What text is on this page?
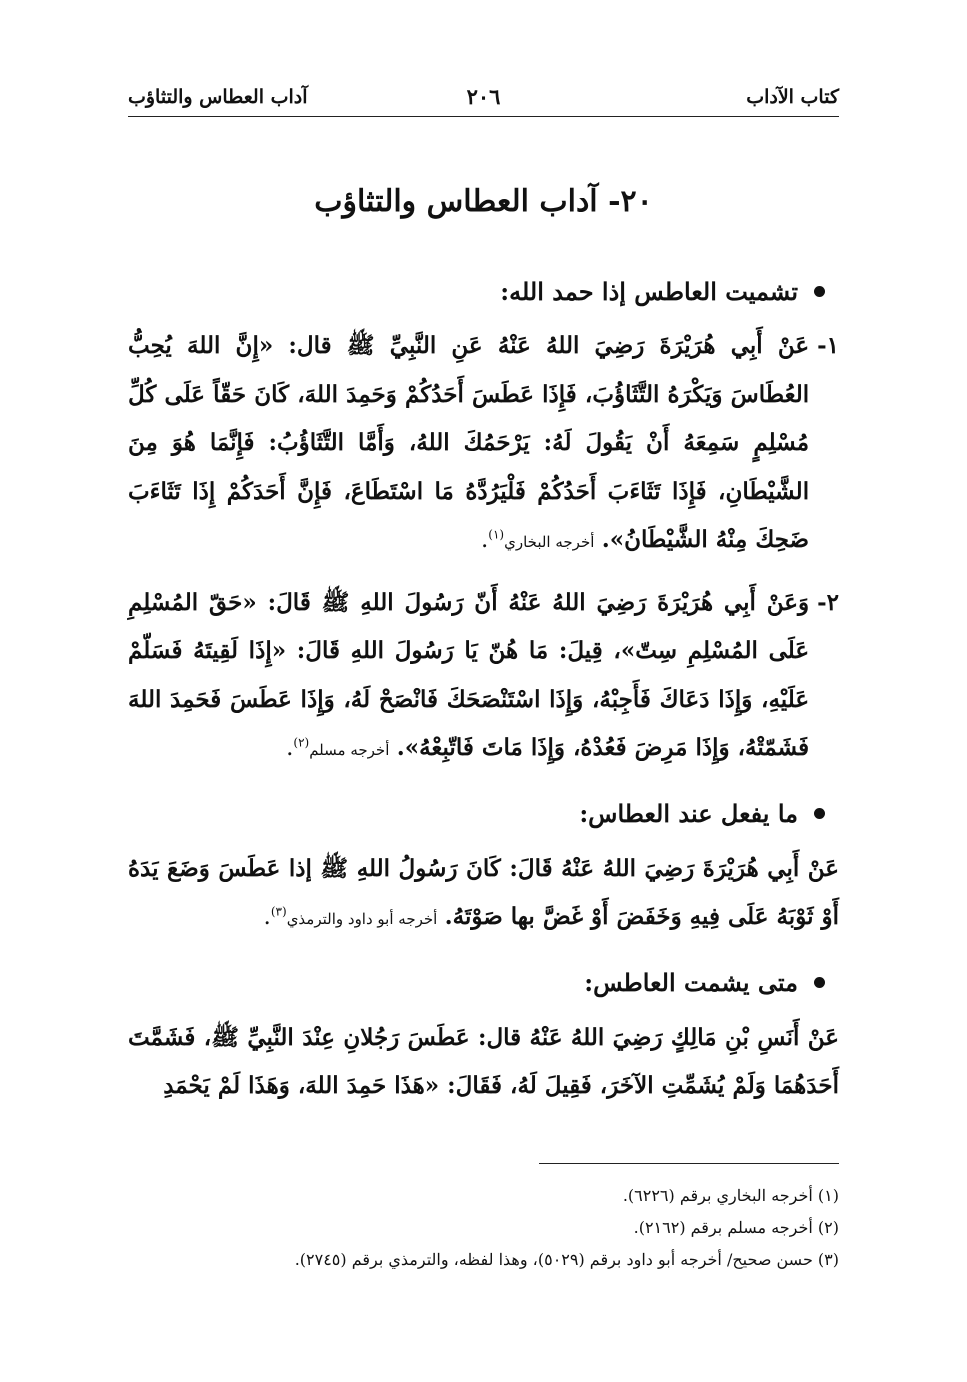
كتاب الآداب
٢٠٦
آداب العطاس والتثاؤب
٢٠- آداب العطاس والتثاؤب
تشميت العاطس إذا حمد الله:
١-
عَنْ أَبِي هُرَيْرَةَ رَضِيَ اللهُ عَنْهُ عَنِ النَّبِيِّ ﷺ قال: «إِنَّ اللهَ يُحِبُّ العُطَاسَ وَيَكْرَهُ التَّثَاؤُبَ، فَإِذَا عَطَسَ أَحَدُكُمْ وَحَمِدَ اللهَ، كَانَ حَقّاً عَلَى كُلِّ مُسْلِمٍ سَمِعَهُ أَنْ يَقُولَ لَهُ: يَرْحَمُكَ اللهُ، وَأَمَّا التَّثَاؤُبُ: فَإِنَّمَا هُوَ مِنَ الشَّيْطَانِ، فَإِذَا تَثَاءَبَ أَحَدُكُمْ فَلْيَرُدَّهُ مَا اسْتَطَاعَ، فَإِنَّ أَحَدَكُمْ إِذَا تَثَاءَبَ ضَحِكَ مِنْهُ الشَّيْطَانُ». أخرجه البخاري$^{(١)}$.
٢-
وَعَنْ أَبِي هُرَيْرَةَ رَضِيَ اللهُ عَنْهُ أَنّ رَسُولَ اللهِ ﷺ قَالَ: «حَقّ المُسْلِمِ عَلَى المُسْلِمِ سِتّ»، قِيلَ: مَا هُنّ يَا رَسُولَ اللهِ قَالَ: «إِذَا لَقِيتَهُ فَسَلّمْ عَلَيْهِ، وَإِذَا دَعَاكَ فَأَجِبْهُ، وَإِذَا اسْتَنْصَحَكَ فَانْصَحْ لَهُ، وَإِذَا عَطَسَ فَحَمِدَ اللهَ فَشَمّتْهُ، وَإِذَا مَرِضَ فَعُدْهُ، وَإِذَا مَاتَ فَاتّبِعْهُ». أخرجه مسلم$^{(٢)}$.
ما يفعل عند العطاس:
عَنْ أَبِي هُرَيْرَةَ رَضِيَ اللهُ عَنْهُ قَالَ: كَانَ رَسُولُ اللهِ ﷺ إذا عَطَسَ وَضَعَ يَدَهُ أَوْ ثَوْبَهُ عَلَى فِيهِ وَخَفَضَ أَوْ غَضَّ بها صَوْتَهُ. أخرجه أبو داود والترمذي$^{(٣)}$.
متى يشمت العاطس:
عَنْ أَنَسِ بْنِ مَالِكٍ رَضِيَ اللهُ عَنْهُ قال: عَطَسَ رَجُلانِ عِنْدَ النَّبِيِّ ﷺ، فَشَمَّتَ أَحَدَهُمَا وَلَمْ يُشَمِّتِ الآخَرَ، فَقِيلَ لَهُ، فَقَالَ: «هَذَا حَمِدَ اللهَ، وَهَذَا لَمْ يَحْمَدِ
(١) أخرجه البخاري برقم (٦٢٢٦).
(٢) أخرجه مسلم برقم (٢١٦٢).
(٣) حسن صحيح/ أخرجه أبو داود برقم (٥٠٢٩)، وهذا لفظه، والترمذي برقم (٢٧٤٥).
